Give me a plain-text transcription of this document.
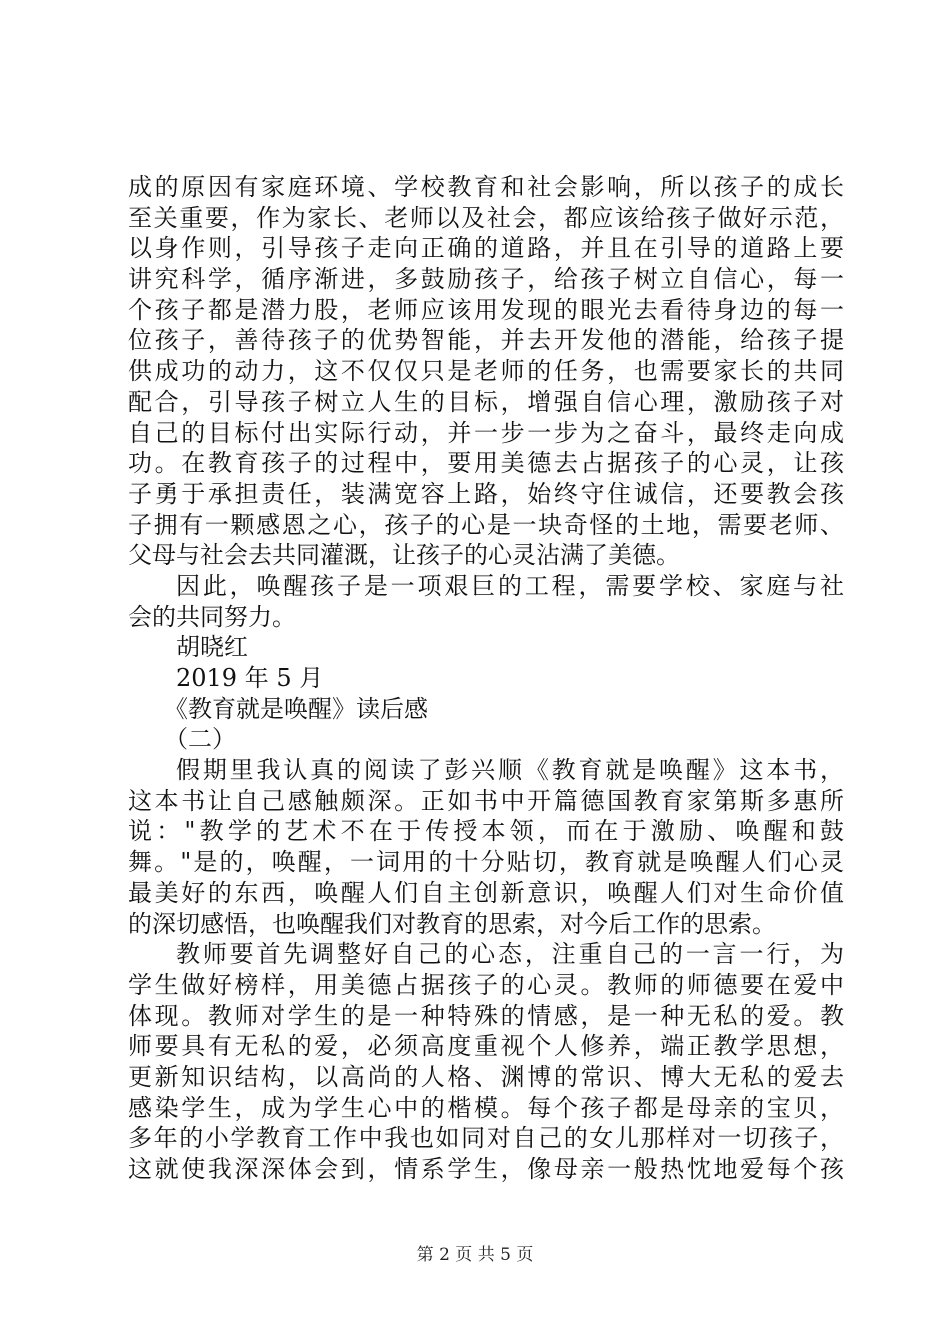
成的原因有家庭环境、学校教育和社会影响，所以孩子的成长
至关重要，作为家长、老师以及社会，都应该给孩子做好示范，
以身作则，引导孩子走向正确的道路，并且在引导的道路上要
讲究科学，循序渐进，多鼓励孩子，给孩子树立自信心，每一
个孩子都是潜力股，老师应该用发现的眼光去看待身边的每一
位孩子，善待孩子的优势智能，并去开发他的潜能，给孩子提
供成功的动力，这不仅仅只是老师的任务，也需要家长的共同
配合，引导孩子树立人生的目标，增强自信心理，激励孩子对
自己的目标付出实际行动，并一步一步为之奋斗，最终走向成
功。在教育孩子的过程中，要用美德去占据孩子的心灵，让孩
子勇于承担责任，装满宽容上路，始终守住诚信，还要教会孩
子拥有一颗感恩之心，孩子的心是一块奇怪的土地，需要老师、
父母与社会去共同灌溉，让孩子的心灵沾满了美德。
因此，唤醒孩子是一项艰巨的工程，需要学校、家庭与社
会的共同努力。
胡晓红
2019 年 5 月
《教育就是唤醒》读后感
（二）
假期里我认真的阅读了彭兴顺《教育就是唤醒》这本书，
这本书让自己感触颇深。正如书中开篇德国教育家第斯多惠所
说："教学的艺术不在于传授本领，而在于激励、唤醒和鼓
舞。"是的，唤醒，一词用的十分贴切，教育就是唤醒人们心灵
最美好的东西，唤醒人们自主创新意识，唤醒人们对生命价值
的深切感悟，也唤醒我们对教育的思索，对今后工作的思索。
教师要首先调整好自己的心态，注重自己的一言一行，为
学生做好榜样，用美德占据孩子的心灵。教师的师德要在爱中
体现。教师对学生的是一种特殊的情感，是一种无私的爱。教
师要具有无私的爱，必须高度重视个人修养，端正教学思想，
更新知识结构，以高尚的人格、渊博的常识、博大无私的爱去
感染学生，成为学生心中的楷模。每个孩子都是母亲的宝贝，
多年的小学教育工作中我也如同对自己的女儿那样对一切孩子，
这就使我深深体会到，情系学生，像母亲一般热忱地爱每个孩
第 2 页 共 5 页
